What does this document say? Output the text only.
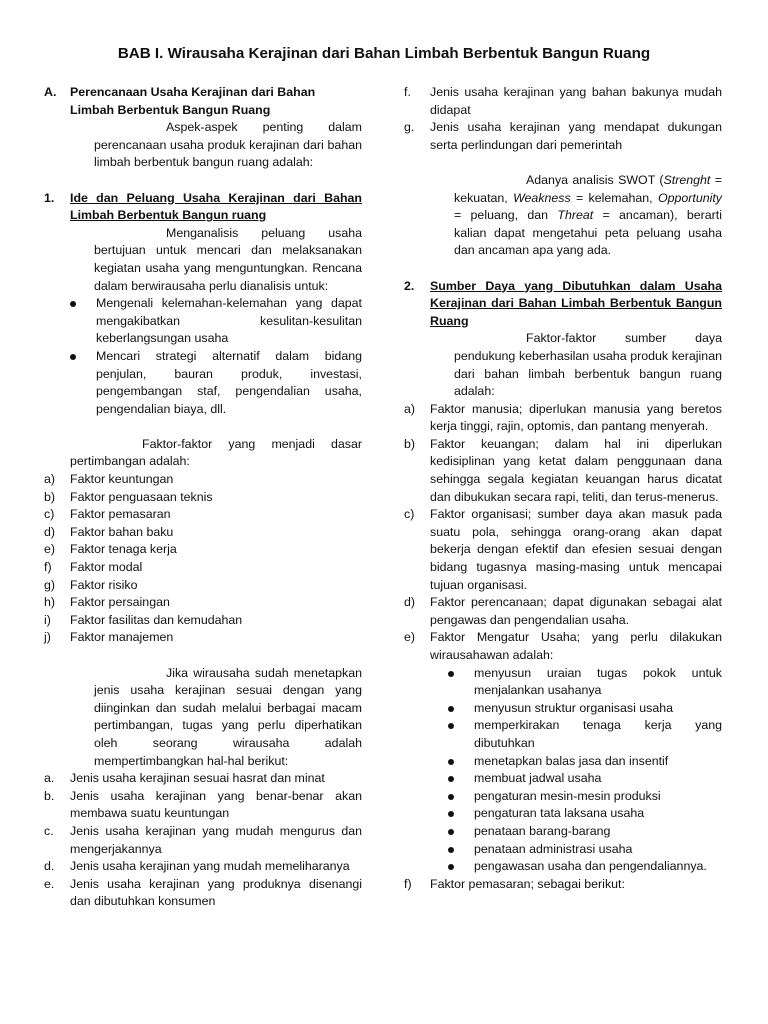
BAB I. Wirausaha Kerajinan dari Bahan Limbah Berbentuk Bangun Ruang
A.	Perencanaan Usaha Kerajinan dari Bahan Limbah Berbentuk Bangun Ruang

Aspek-aspek penting dalam perencanaan usaha produk kerajinan dari bahan limbah berbentuk bangun ruang adalah:

1.	Ide dan Peluang Usaha Kerajinan dari Bahan Limbah Berbentuk Bangun ruang

Menganalisis peluang usaha bertujuan untuk mencari dan melaksanakan kegiatan usaha yang menguntungkan. Rencana dalam berwirausaha perlu dianalisis untuk:

Mengenali kelemahan-kelemahan yang dapat mengakibatkan kesulitan-kesulitan keberlangsungan usaha
Mencari strategi alternatif dalam bidang penjulan, bauran produk, investasi, pengembangan staf, pengendalian usaha, pengendalian biaya, dll.

Faktor-faktor yang menjadi dasar pertimbangan adalah:

a)	Faktor keuntungan
b)	Faktor penguasaan teknis
c)	Faktor pemasaran
d)	Faktor bahan baku
e)	Faktor tenaga kerja
f)	Faktor modal
g)	Faktor risiko
h)	Faktor persaingan
i)	Faktor fasilitas dan kemudahan
j)	Faktor manajemen

Jika wirausaha sudah menetapkan jenis usaha kerajinan sesuai dengan yang diinginkan dan sudah melalui berbagai macam pertimbangan, tugas yang perlu diperhatikan oleh seorang wirausaha adalah mempertimbangkan hal-hal berikut:

a.	Jenis usaha kerajinan sesuai hasrat dan minat
b.	Jenis usaha kerajinan yang benar-benar akan membawa suatu keuntungan
c.	Jenis usaha kerajinan yang mudah mengurus dan mengerjakannya
d.	Jenis usaha kerajinan yang mudah memeliharanya
e.	Jenis usaha kerajinan yang produknya disenangi dan dibutuhkan konsumen
f.	Jenis usaha kerajinan yang bahan bakunya mudah didapat
g.	Jenis usaha kerajinan yang mendapat dukungan serta perlindungan dari pemerintah

Adanya analisis SWOT (Strenght = kekuatan, Weakness = kelemahan, Opportunity = peluang, dan Threat = ancaman), berarti kalian dapat mengetahui peta peluang usaha dan ancaman apa yang ada.

2.	Sumber Daya yang Dibutuhkan dalam Usaha Kerajinan dari Bahan Limbah Berbentuk Bangun Ruang

Faktor-faktor sumber daya pendukung keberhasilan usaha produk kerajinan dari bahan limbah berbentuk bangun ruang adalah:

a)	Faktor manusia; diperlukan manusia yang beretos kerja tinggi, rajin, optomis, dan pantang menyerah.
b)	Faktor keuangan; dalam hal ini diperlukan kedisiplinan yang ketat dalam penggunaan dana sehingga segala kegiatan keuangan harus dicatat dan dibukukan secara rapi, teliti, dan terus-menerus.
c)	Faktor organisasi; sumber daya akan masuk pada suatu pola, sehingga orang-orang akan dapat bekerja dengan efektif dan efesien sesuai dengan bidang tugasnya masing-masing untuk mencapai tujuan organisasi.
d)	Faktor perencanaan; dapat digunakan sebagai alat pengawas dan pengendalian usaha.
e)	Faktor Mengatur Usaha; yang perlu dilakukan wirausahawan adalah:
menyusun uraian tugas pokok untuk menjalankan usahanya
menyusun struktur organisasi usaha
memperkirakan tenaga kerja yang dibutuhkan
menetapkan balas jasa dan insentif
membuat jadwal usaha
pengaturan mesin-mesin produksi
pengaturan tata laksana usaha
penataan barang-barang
penataan administrasi usaha
pengawasan usaha dan pengendaliannya.
f)	Faktor pemasaran; sebagai berikut:
